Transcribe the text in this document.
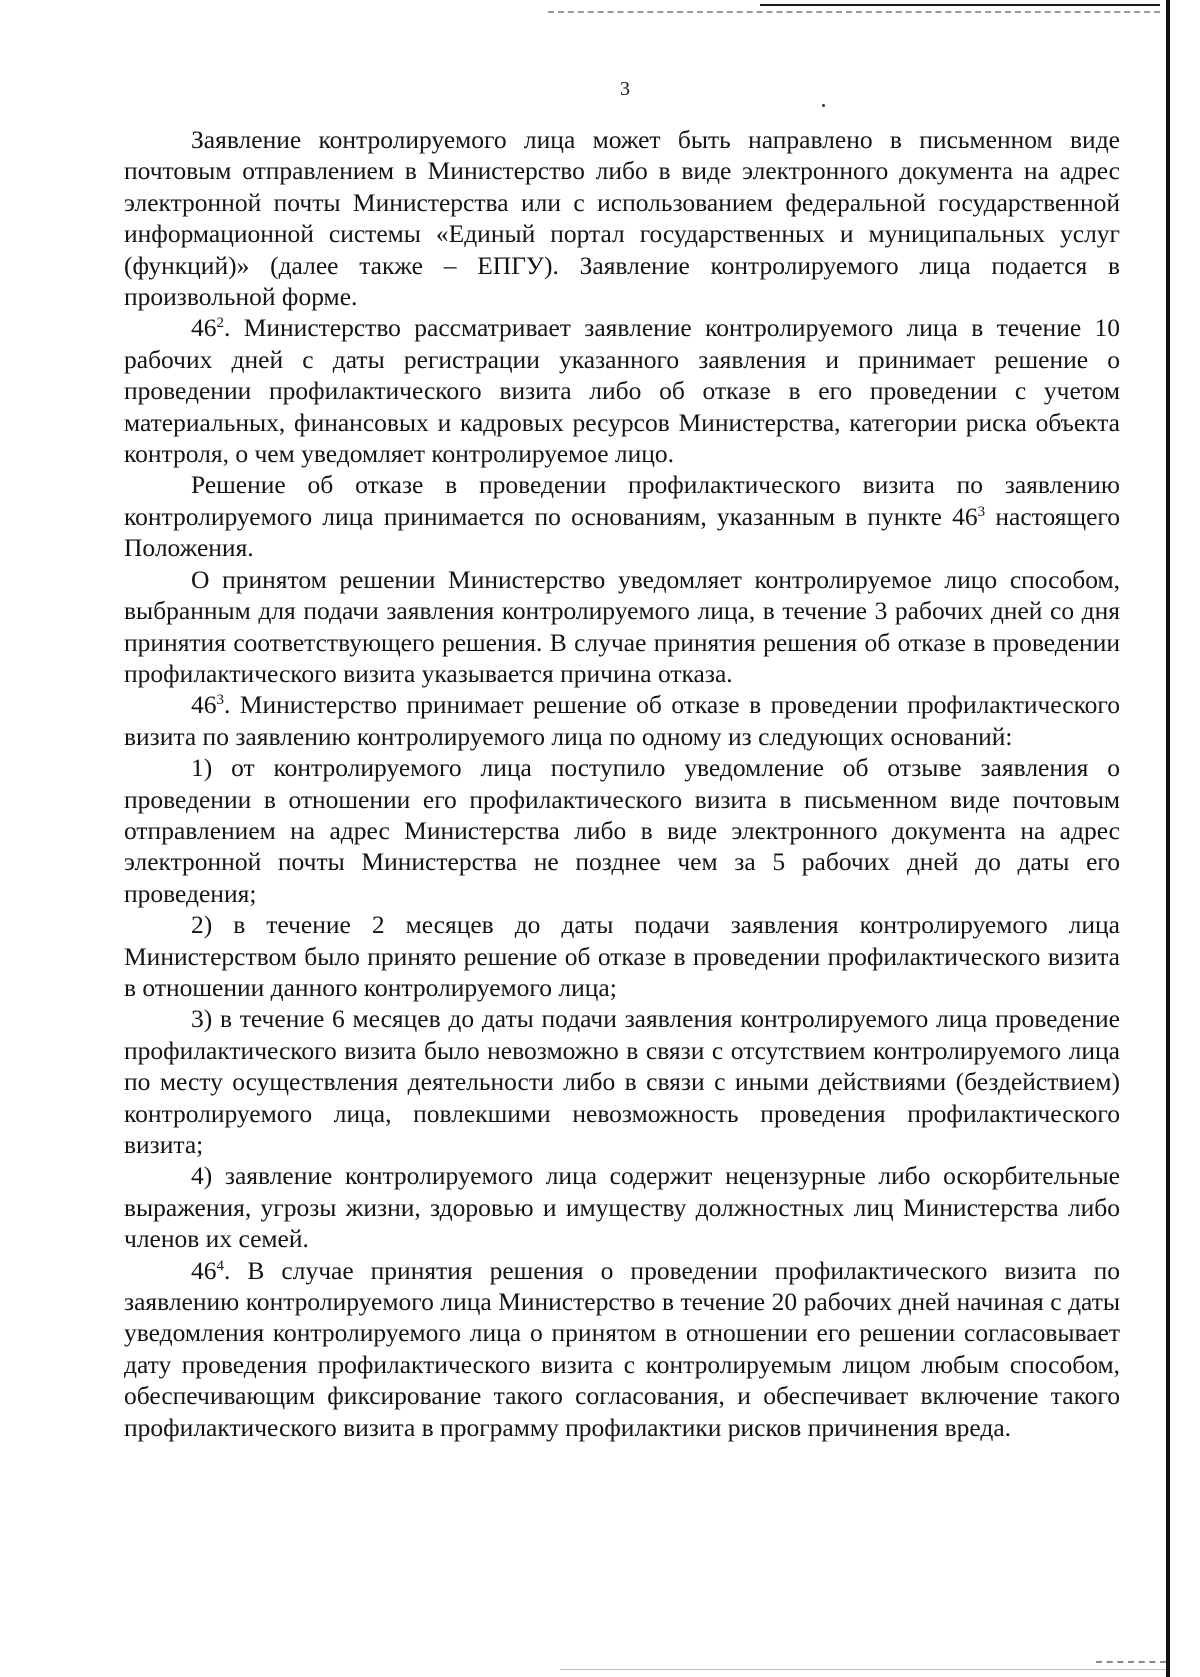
3

Заявление контролируемого лица может быть направлено в письменном виде почтовым отправлением в Министерство либо в виде электронного документа на адрес электронной почты Министерства или с использованием федеральной государственной информационной системы «Единый портал государственных и муниципальных услуг (функций)» (далее также – ЕПГУ). Заявление контролируемого лица подается в произвольной форме.

$46^2$. Министерство рассматривает заявление контролируемого лица в течение 10 рабочих дней с даты регистрации указанного заявления и принимает решение о проведении профилактического визита либо об отказе в его проведении с учетом материальных, финансовых и кадровых ресурсов Министерства, категории риска объекта контроля, о чем уведомляет контролируемое лицо.

Решение об отказе в проведении профилактического визита по заявлению контролируемого лица принимается по основаниям, указанным в пункте $46^3$ настоящего Положения.

О принятом решении Министерство уведомляет контролируемое лицо способом, выбранным для подачи заявления контролируемого лица, в течение 3 рабочих дней со дня принятия соответствующего решения. В случае принятия решения об отказе в проведении профилактического визита указывается причина отказа.

$46^3$. Министерство принимает решение об отказе в проведении профилактического визита по заявлению контролируемого лица по одному из следующих оснований:

1) от контролируемого лица поступило уведомление об отзыве заявления о проведении в отношении его профилактического визита в письменном виде почтовым отправлением на адрес Министерства либо в виде электронного документа на адрес электронной почты Министерства не позднее чем за 5 рабочих дней до даты его проведения;

2) в течение 2 месяцев до даты подачи заявления контролируемого лица Министерством было принято решение об отказе в проведении профилактического визита в отношении данного контролируемого лица;

3) в течение 6 месяцев до даты подачи заявления контролируемого лица проведение профилактического визита было невозможно в связи с отсутствием контролируемого лица по месту осуществления деятельности либо в связи с иными действиями (бездействием) контролируемого лица, повлекшими невозможность проведения профилактического визита;

4) заявление контролируемого лица содержит нецензурные либо оскорбительные выражения, угрозы жизни, здоровью и имуществу должностных лиц Министерства либо членов их семей.

$46^4$. В случае принятия решения о проведении профилактического визита по заявлению контролируемого лица Министерство в течение 20 рабочих дней начиная с даты уведомления контролируемого лица о принятом в отношении его решении согласовывает дату проведения профилактического визита с контролируемым лицом любым способом, обеспечивающим фиксирование такого согласования, и обеспечивает включение такого профилактического визита в программу профилактики рисков причинения вреда.
